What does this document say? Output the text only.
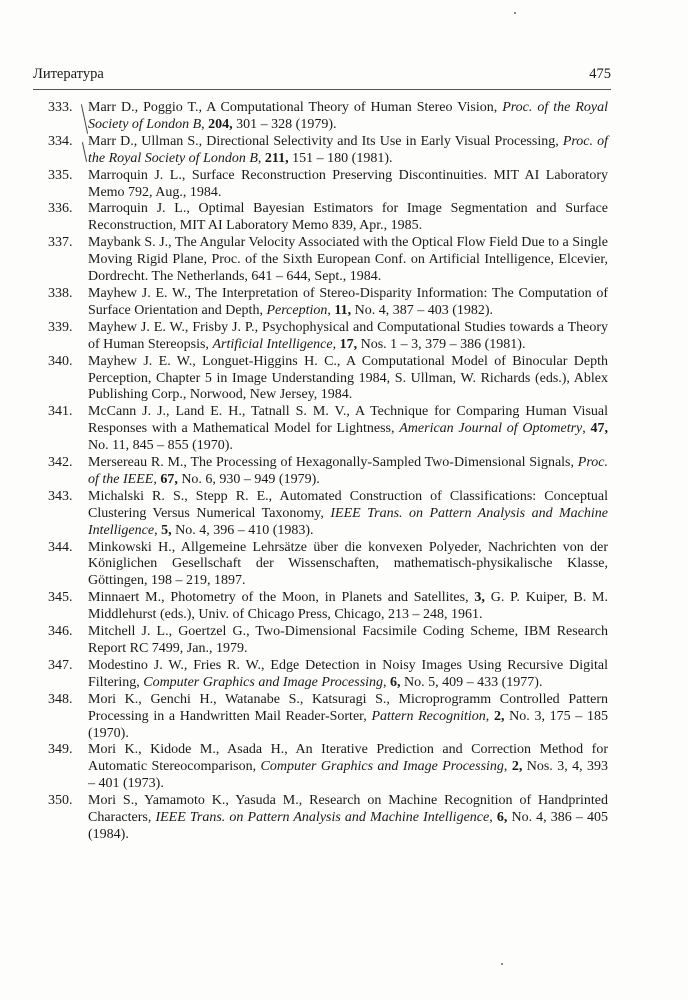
Литература	475
333.	Marr D., Poggio T., A Computational Theory of Human Stereo Vision, Proc. of the Royal Society of London B, 204, 301 – 328 (1979).
334.	Marr D., Ullman S., Directional Selectivity and Its Use in Early Visual Processing, Proc. of the Royal Society of London B, 211, 151 – 180 (1981).
335.	Marroquin J. L., Surface Reconstruction Preserving Discontinuities. MIT AI Laboratory Memo 792, Aug., 1984.
336.	Marroquin J. L., Optimal Bayesian Estimators for Image Segmentation and Surface Reconstruction, MIT AI Laboratory Memo 839, Apr., 1985.
337.	Maybank S. J., The Angular Velocity Associated with the Optical Flow Field Due to a Single Moving Rigid Plane, Proc. of the Sixth European Conf. on Artificial Intelligence, Elcevier, Dordrecht. The Netherlands, 641 – 644, Sept., 1984.
338.	Mayhew J. E. W., The Interpretation of Stereo-Disparity Information: The Computation of Surface Orientation and Depth, Perception, 11, No. 4, 387 – 403 (1982).
339.	Mayhew J. E. W., Frisby J. P., Psychophysical and Computational Studies towards a Theory of Human Stereopsis, Artificial Intelligence, 17, Nos. 1 – 3, 379 – 386 (1981).
340.	Mayhew J. E. W., Longuet-Higgins H. C., A Computational Model of Binocular Depth Perception, Chapter 5 in Image Understanding 1984, S. Ullman, W. Richards (eds.), Ablex Publishing Corp., Norwood, New Jersey, 1984.
341.	McCann J. J., Land E. H., Tatnall S. M. V., A Technique for Comparing Human Visual Responses with a Mathematical Model for Lightness, American Journal of Optometry, 47, No. 11, 845 – 855 (1970).
342.	Mersereau R. M., The Processing of Hexagonally-Sampled Two-Dimensional Signals, Proc. of the IEEE, 67, No. 6, 930 – 949 (1979).
343.	Michalski R. S., Stepp R. E., Automated Construction of Classifications: Conceptual Clustering Versus Numerical Taxonomy, IEEE Trans. on Pattern Analysis and Machine Intelligence, 5, No. 4, 396 – 410 (1983).
344.	Minkowski H., Allgemeine Lehrsätze über die konvexen Polyeder, Nachrichten von der Königlichen Gesellschaft der Wissenschaften, mathematisch-physikalische Klasse, Göttingen, 198 – 219, 1897.
345.	Minnaert M., Photometry of the Moon, in Planets and Satellites, 3, G. P. Kuiper, B. M. Middlehurst (eds.), Univ. of Chicago Press, Chicago, 213 – 248, 1961.
346.	Mitchell J. L., Goertzel G., Two-Dimensional Facsimile Coding Scheme, IBM Research Report RC 7499, Jan., 1979.
347.	Modestino J. W., Fries R. W., Edge Detection in Noisy Images Using Recursive Digital Filtering, Computer Graphics and Image Processing, 6, No. 5, 409 – 433 (1977).
348.	Mori K., Genchi H., Watanabe S., Katsuragi S., Microprogramm Controlled Pattern Processing in a Handwritten Mail Reader-Sorter, Pattern Recognition, 2, No. 3, 175 – 185 (1970).
349.	Mori K., Kidode M., Asada H., An Iterative Prediction and Correction Method for Automatic Stereocomparison, Computer Graphics and Image Processing, 2, Nos. 3, 4, 393 – 401 (1973).
350.	Mori S., Yamamoto K., Yasuda M., Research on Machine Recognition of Handprinted Characters, IEEE Trans. on Pattern Analysis and Machine Intelligence, 6, No. 4, 386 – 405 (1984).
